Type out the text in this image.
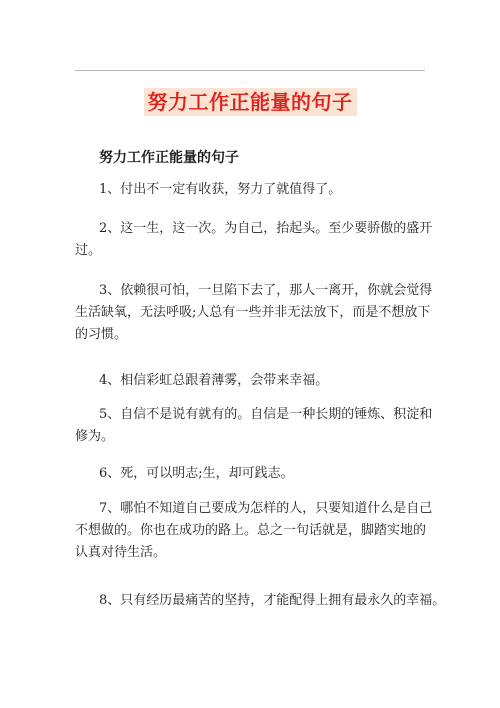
努力工作正能量的句子
努力工作正能量的句子
1、付出不一定有收获，努力了就值得了。
2、这一生，这一次。为自己，抬起头。至少要骄傲的盛开
过。
3、依赖很可怕，一旦陷下去了，那人一离开，你就会觉得
生活缺氧，无法呼吸;人总有一些并非无法放下，而是不想放下
的习惯。
4、相信彩虹总跟着薄雾，会带来幸福。
5、自信不是说有就有的。自信是一种长期的锤炼、积淀和
修为。
6、死，可以明志;生，却可践志。
7、哪怕不知道自己要成为怎样的人，只要知道什么是自己
不想做的。你也在成功的路上。总之一句话就是，脚踏实地的
认真对待生活。
8、只有经历最痛苦的坚持，才能配得上拥有最永久的幸福。
